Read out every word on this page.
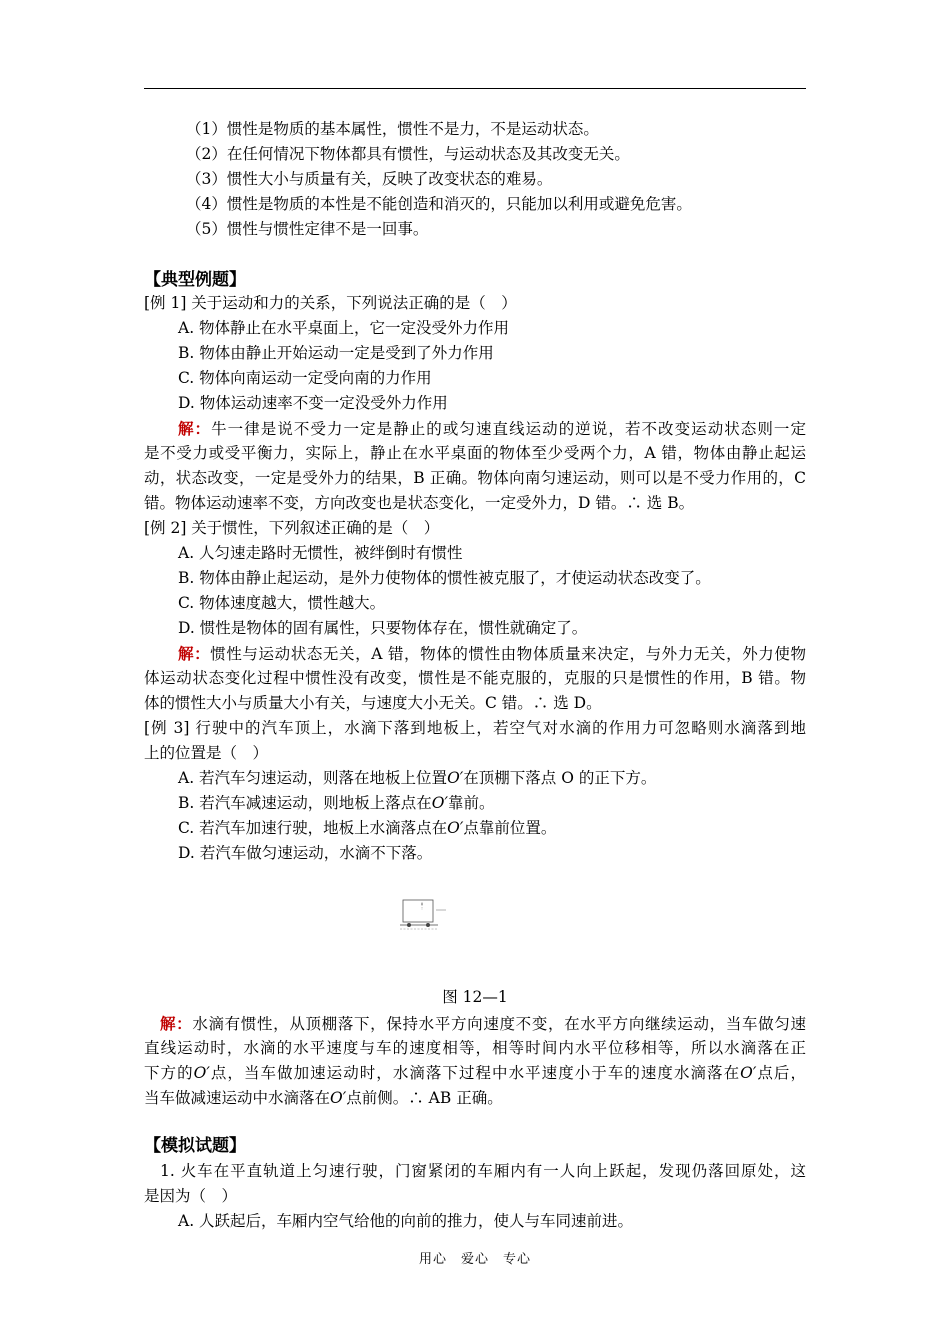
（1）惯性是物质的基本属性，惯性不是力，不是运动状态。
（2）在任何情况下物体都具有惯性，与运动状态及其改变无关。
（3）惯性大小与质量有关，反映了改变状态的难易。
（4）惯性是物质的本性是不能创造和消灭的，只能加以利用或避免危害。
（5）惯性与惯性定律不是一回事。
【典型例题】
[例 1] 关于运动和力的关系，下列说法正确的是（　）
A. 物体静止在水平桌面上，它一定没受外力作用
B. 物体由静止开始运动一定是受到了外力作用
C. 物体向南运动一定受向南的力作用
D. 物体运动速率不变一定没受外力作用
解：牛一律是说不受力一定是静止的或匀速直线运动的逆说，若不改变运动状态则一定
是不受力或受平衡力，实际上，静止在水平桌面的物体至少受两个力，A 错，物体由静止起运
动，状态改变，一定是受外力的结果，B 正确。物体向南匀速运动，则可以是不受力作用的，C
错。物体运动速率不变，方向改变也是状态变化，一定受外力，D 错。∴ 选 B。
[例 2] 关于惯性，下列叙述正确的是（　）
A. 人匀速走路时无惯性，被绊倒时有惯性
B. 物体由静止起运动，是外力使物体的惯性被克服了，才使运动状态改变了。
C. 物体速度越大，惯性越大。
D. 惯性是物体的固有属性，只要物体存在，惯性就确定了。
解：惯性与运动状态无关，A 错，物体的惯性由物体质量来决定，与外力无关，外力使物
体运动状态变化过程中惯性没有改变，惯性是不能克服的，克服的只是惯性的作用，B 错。物
体的惯性大小与质量大小有关，与速度大小无关。C 错。∴ 选 D。
[例 3] 行驶中的汽车顶上，水滴下落到地板上，若空气对水滴的作用力可忽略则水滴落到地
上的位置是（　）
A. 若汽车匀速运动，则落在地板上位置O′在顶棚下落点 O 的正下方。
B. 若汽车减速运动，则地板上落点在O′靠前。
C. 若汽车加速行驶，地板上水滴落点在O′点靠前位置。
D. 若汽车做匀速运动，水滴不下落。
图 12—1
解：水滴有惯性，从顶棚落下，保持水平方向速度不变，在水平方向继续运动，当车做匀速
直线运动时，水滴的水平速度与车的速度相等，相等时间内水平位移相等，所以水滴落在正
下方的O′点，当车做加速运动时，水滴落下过程中水平速度小于车的速度水滴落在O′点后，
当车做减速运动中水滴落在O′点前侧。∴ AB 正确。
【模拟试题】
1. 火车在平直轨道上匀速行驶，门窗紧闭的车厢内有一人向上跃起，发现仍落回原处，这
是因为（　）
A. 人跃起后，车厢内空气给他的向前的推力，使人与车同速前进。
用心　爱心　专心
